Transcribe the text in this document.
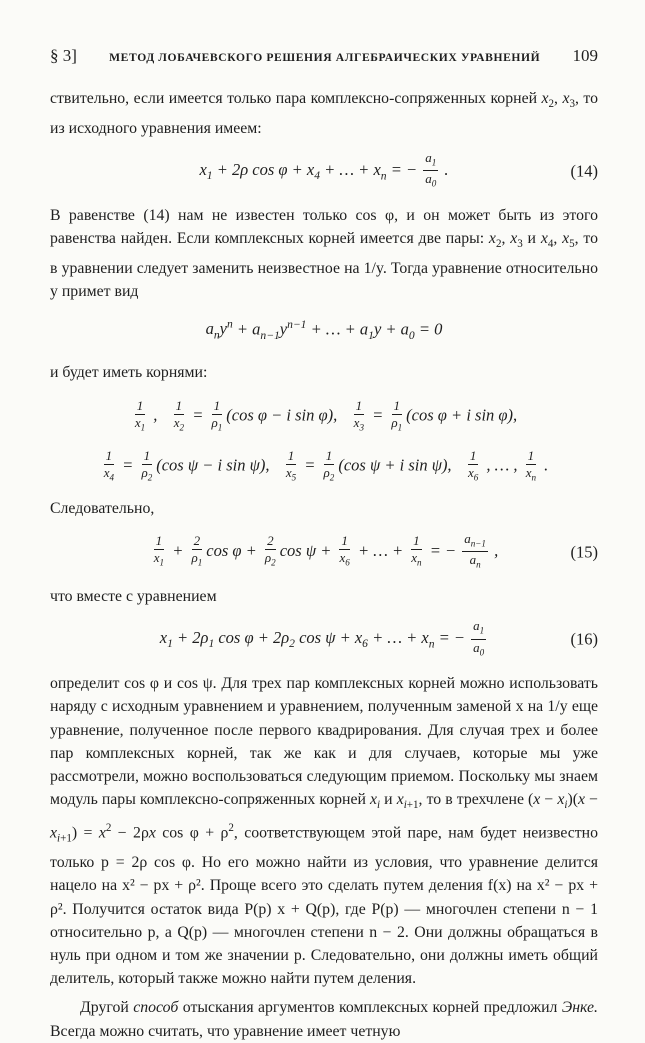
§ 3]	МЕТОД ЛОБАЧЕВСКОГО РЕШЕНИЯ АЛГЕБРАИЧЕСКИХ УРАВНЕНИЙ 109

ствительно, если имеется только пара комплексно-сопряженных корней $x_2$, $x_3$, то из исходного уравнения имеем:

$x_1 + 2\rho$ $\cos \varphi + x_4$ + … + $x_n$ = − $\frac{a_1}{a_0}$ .	(14)

В равенстве (14) нам не известен только cos φ, и он может быть из этого равенства найден. Если комплексных корней имеется две пары: $x_2$, $x_3$ и $x_4$, $x_5$, то в уравнении следует заменить неизвестное на 1/y. Тогда уравнение относительно y примет вид

$a_ny^n + a_{n-1}y^{n-1}$ + … + $a_1y + a_0 = 0$

и будет иметь корнями:

$\frac{1}{x_1}$ , $\frac{1}{x_2} = \frac{1}{\rho_1} (\cos$ φ − i sin φ), $\frac{1}{x_3} = \frac{1}{\rho_1} (\cos$ φ + i sin φ),
$\frac{1}{x_4} = \frac{1}{\rho_2} (\cos$ ψ − i sin ψ), $\frac{1}{x_5} = \frac{1}{\rho_2} (\cos$ ψ + i sin ψ), $\frac{1}{x_6}$ , … , $\frac{1}{x_n}$ .

Следовательно,

$\frac{1}{x_1} + \frac{2}{\rho_1}$ $\cos \varphi + \frac{2}{\rho_2}$ $\cos \psi + \frac{1}{x_6}$ + … + $\frac{1}{x_n}$ = − $\frac{a_{n-1}}{a_n}$ ,	(15)

что вместе с уравнением

$x_1 + 2\rho_1$ $\cos \varphi + 2\rho_2$ $\cos \psi + x_6$ + … + $x_n$ = − $\frac{a_1}{a_0}$	(16)

определит cos φ и cos ψ. Для трех пар комплексных корней можно использовать наряду с исходным уравнением и уравнением, полученным заменой x на 1/y еще уравнение, полученное после первого квадрирования. Для случая трех и более пар комплексных корней, так же как и для случаев, которые мы уже рассмотрели, можно воспользоваться следующим приемом. Поскольку мы знаем модуль пары комплексно-сопряженных корней $x_i$ и $x_{i+1}$, то в трехчлене $(x - x_i)(x - x_{i+1}) = x^2 - 2\rho x$ $\cos \varphi + \rho^2$, соответствующем этой паре, нам будет неизвестно только p = 2ρ cos φ. Но его можно найти из условия, что уравнение делится нацело на x² − px + ρ². Проще всего это сделать путем деления f(x) на x² − px + ρ². Получится остаток вида P(p) x + Q(p), где P(p) — многочлен степени n − 1 относительно p, а Q(p) — многочлен степени n − 2. Они должны обращаться в нуль при одном и том же значении p. Следовательно, они должны иметь общий делитель, который также можно найти путем деления.

Другой способ отыскания аргументов комплексных корней предложил Энке. Всегда можно считать, что уравнение имеет четную
